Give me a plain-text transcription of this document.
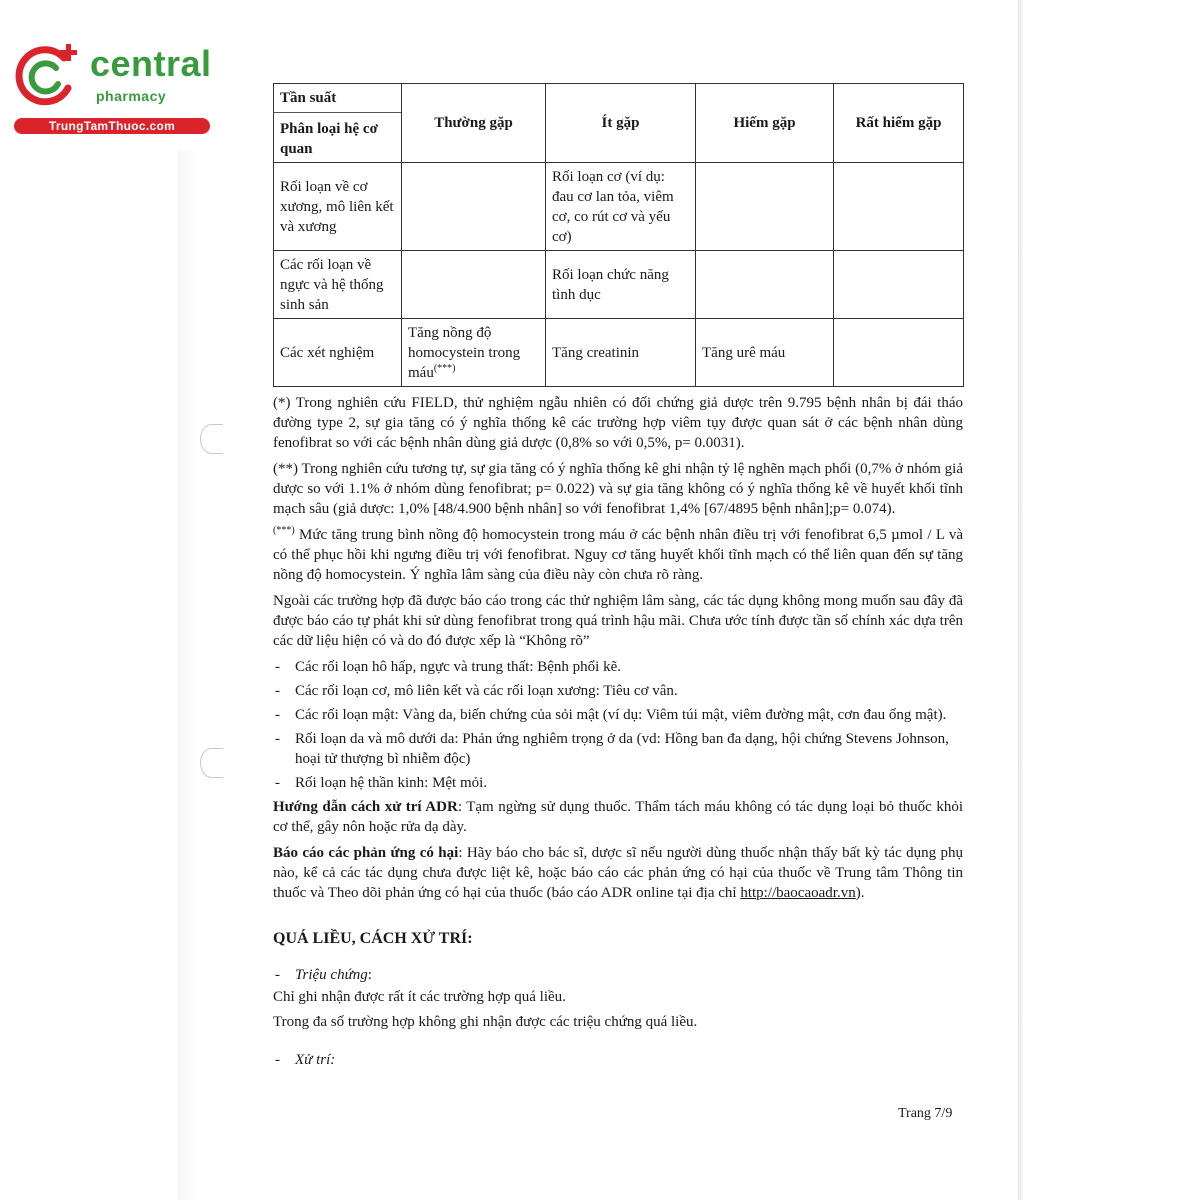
central
pharmacy
TrungTamThuoc.com
Tần suất
Phân loại hệ cơ quan	Thường gặp	Ít gặp	Hiếm gặp	Rất hiếm gặp
Rối loạn về cơ xương, mô liên kết và xương		Rối loạn cơ (ví dụ: đau cơ lan tỏa, viêm cơ, co rút cơ và yếu cơ)		
Các rối loạn về ngực và hệ thống sinh sản		Rối loạn chức năng tình dục		
Các xét nghiệm	Tăng nồng độ homocystein trong máu(***)	Tăng creatinin	Tăng urê máu	

(*) Trong nghiên cứu FIELD, thử nghiệm ngẫu nhiên có đối chứng giả dược trên 9.795 bệnh nhân bị đái tháo đường type 2, sự gia tăng có ý nghĩa thống kê các trường hợp viêm tụy được quan sát ở các bệnh nhân dùng fenofibrat so với các bệnh nhân dùng giả dược (0,8% so với 0,5%, p= 0.0031).

(**) Trong nghiên cứu tương tự, sự gia tăng có ý nghĩa thống kê ghi nhận tỷ lệ nghẽn mạch phổi (0,7% ở nhóm giả dược so với 1.1% ở nhóm dùng fenofibrat; p= 0.022) và sự gia tăng không có ý nghĩa thống kê về huyết khối tĩnh mạch sâu (giả dược: 1,0% [48/4.900 bệnh nhân] so với fenofibrat 1,4% [67/4895 bệnh nhân];p= 0.074).

(***) Mức tăng trung bình nồng độ homocystein trong máu ở các bệnh nhân điều trị với fenofibrat 6,5 µmol / L và có thể phục hồi khi ngưng điều trị với fenofibrat. Nguy cơ tăng huyết khối tĩnh mạch có thể liên quan đến sự tăng nồng độ homocystein. Ý nghĩa lâm sàng của điều này còn chưa rõ ràng.

Ngoài các trường hợp đã được báo cáo trong các thử nghiệm lâm sàng, các tác dụng không mong muốn sau đây đã được báo cáo tự phát khi sử dùng fenofibrat trong quá trình hậu mãi. Chưa ước tính được tần số chính xác dựa trên các dữ liệu hiện có và do đó được xếp là “Không rõ”

- Các rối loạn hô hấp, ngực và trung thất: Bệnh phổi kẽ.
- Các rối loạn cơ, mô liên kết và các rối loạn xương: Tiêu cơ vân.
- Các rối loạn mật: Vàng da, biến chứng của sỏi mật (ví dụ: Viêm túi mật, viêm đường mật, cơn đau ống mật).
- Rối loạn da và mô dưới da: Phản ứng nghiêm trọng ở da (vd: Hồng ban đa dạng, hội chứng Stevens Johnson, hoại tử thượng bì nhiễm độc)
- Rối loạn hệ thần kinh: Mệt mỏi.

Hướng dẫn cách xử trí ADR: Tạm ngừng sử dụng thuốc. Thẩm tách máu không có tác dụng loại bỏ thuốc khỏi cơ thể, gây nôn hoặc rửa dạ dày.

Báo cáo các phản ứng có hại: Hãy báo cho bác sĩ, dược sĩ nếu người dùng thuốc nhận thấy bất kỳ tác dụng phụ nào, kể cả các tác dụng chưa được liệt kê, hoặc báo cáo các phản ứng có hại của thuốc về Trung tâm Thông tin thuốc và Theo dõi phản ứng có hại của thuốc (báo cáo ADR online tại địa chỉ http://baocaoadr.vn).

QUÁ LIỀU, CÁCH XỬ TRÍ:
- Triệu chứng:

Chỉ ghi nhận được rất ít các trường hợp quá liều.

Trong đa số trường hợp không ghi nhận được các triệu chứng quá liều.

- Xử trí:
Trang 7/9
